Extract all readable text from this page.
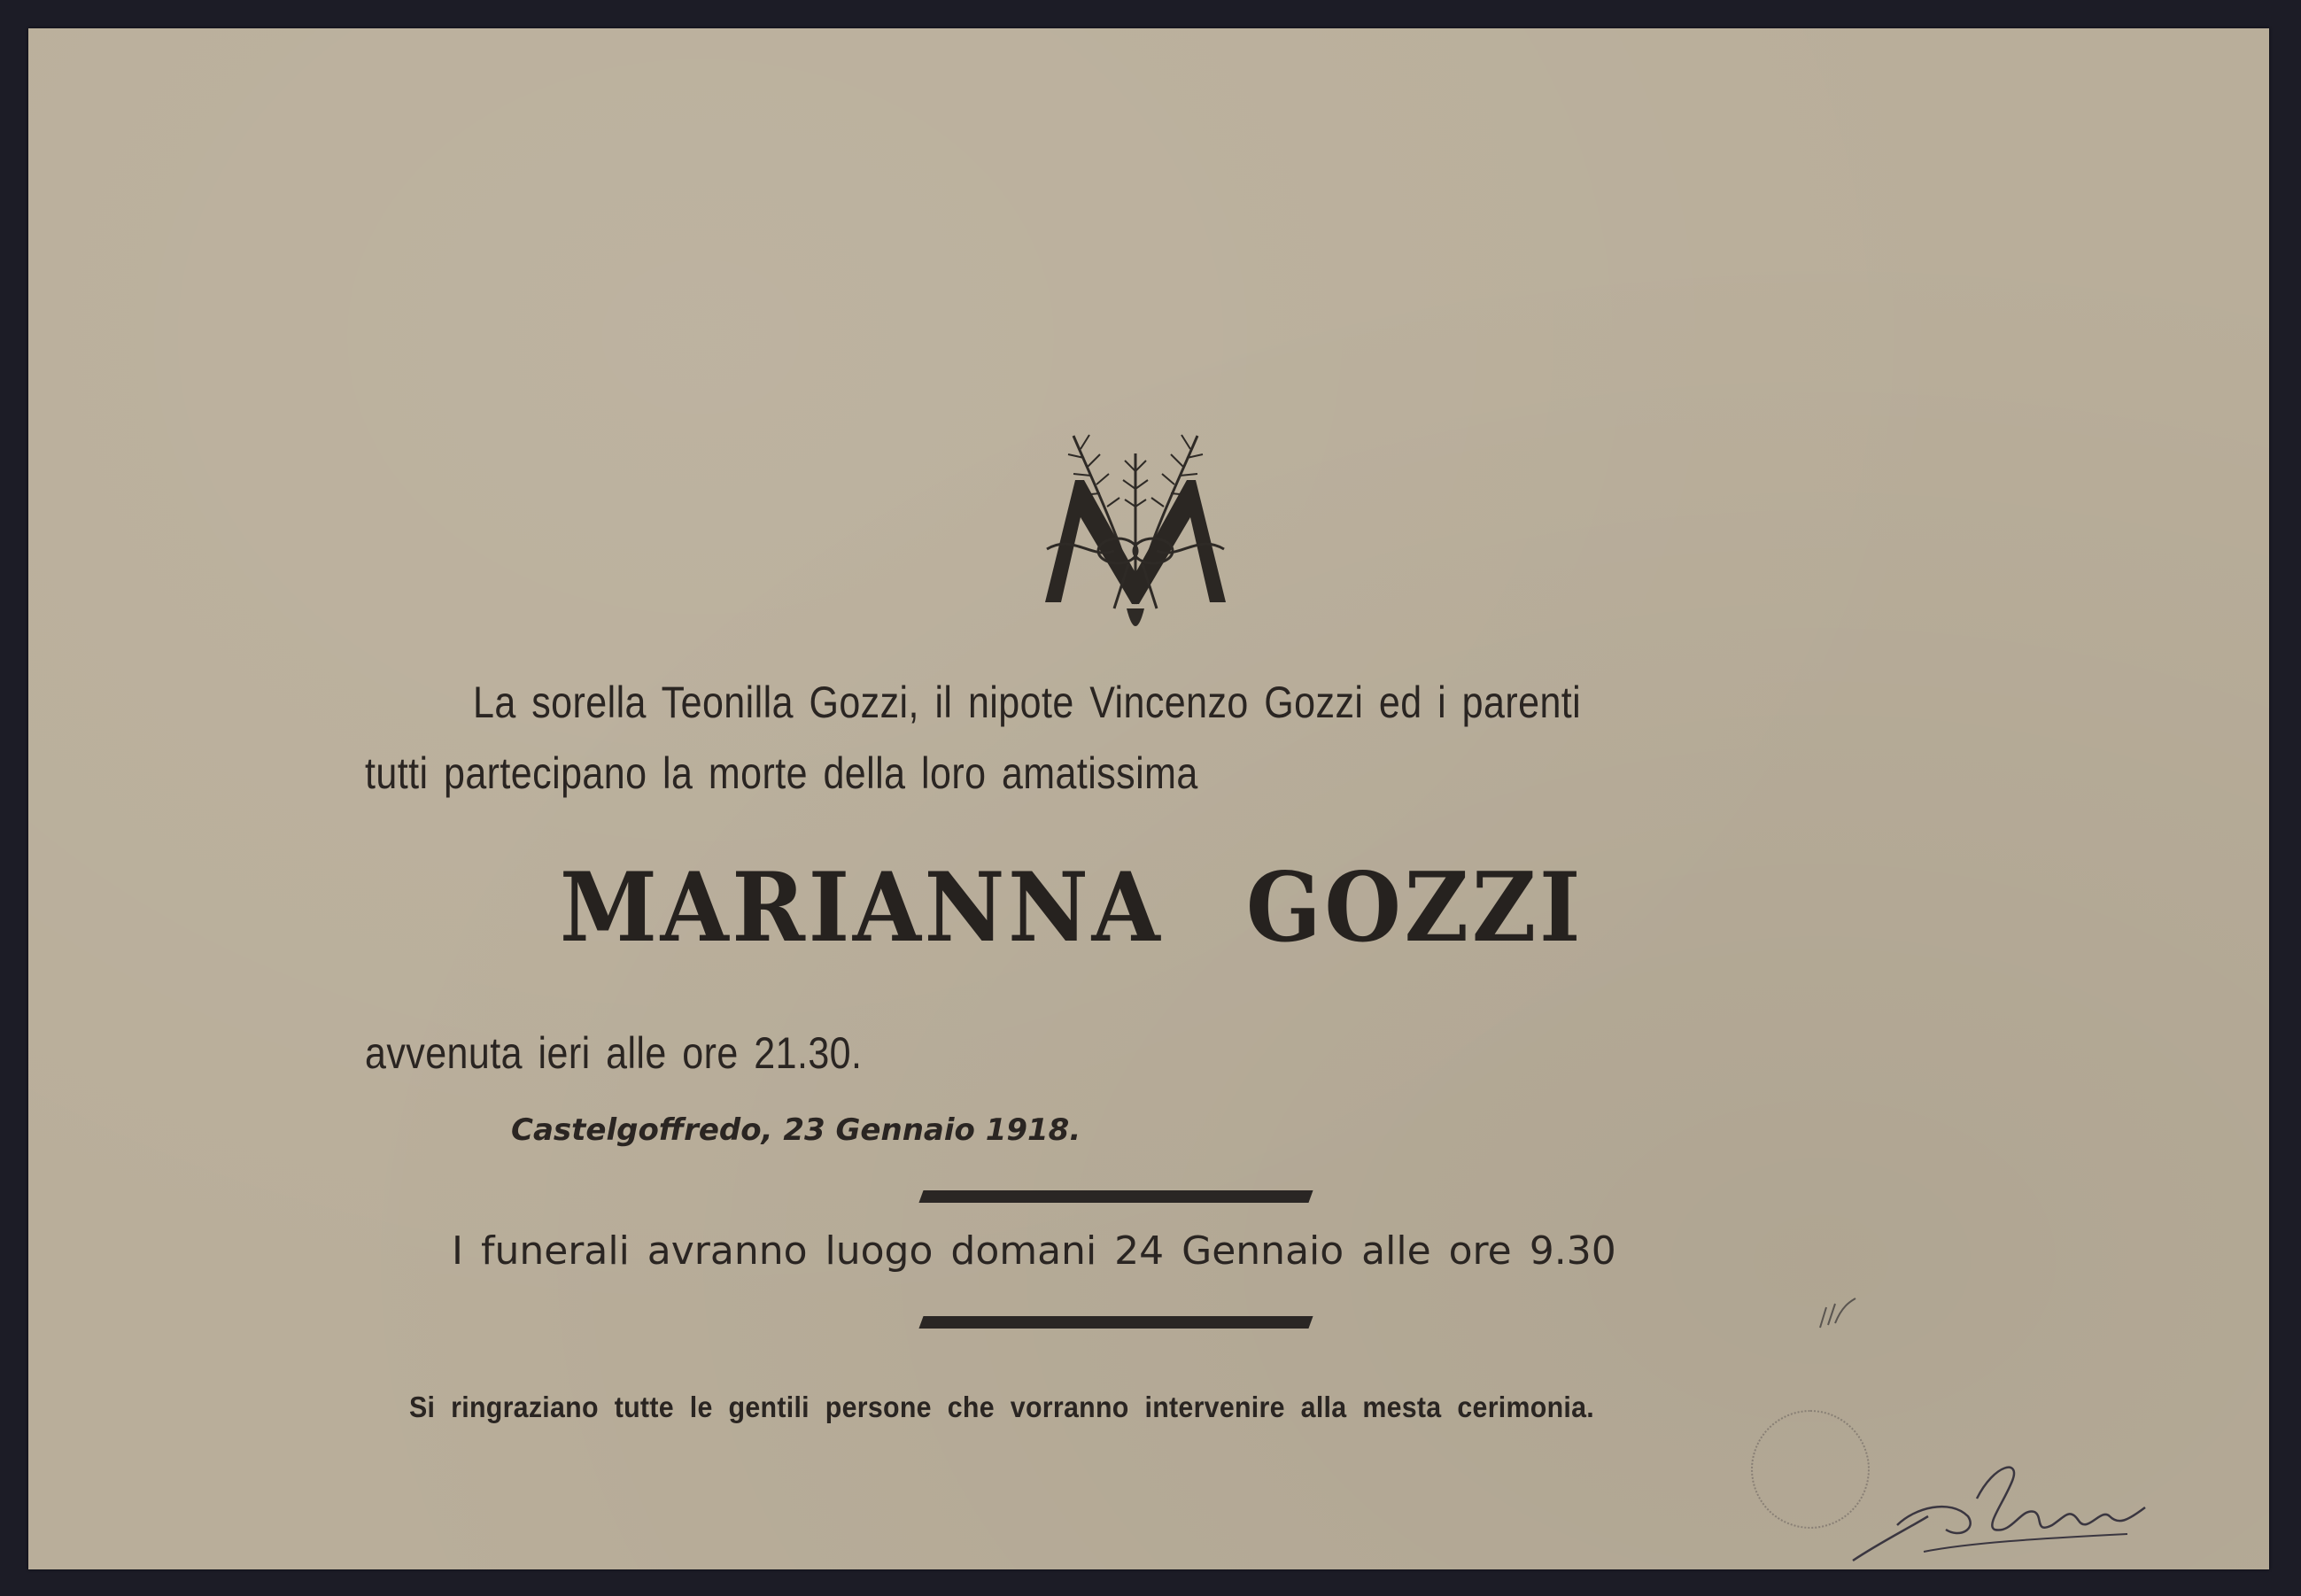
La sorella Teonilla Gozzi, il nipote Vincenzo Gozzi ed i parenti

tutti partecipano la morte della loro amatissima

MARIANNA GOZZI

avvenuta ieri alle ore 21.30.

Castelgoffredo, 23 Gennaio 1918.
I funerali avranno luogo domani 24 Gennaio alle ore 9.30
Si ringraziano tutte le gentili persone che vorranno intervenire alla mesta cerimonia.
